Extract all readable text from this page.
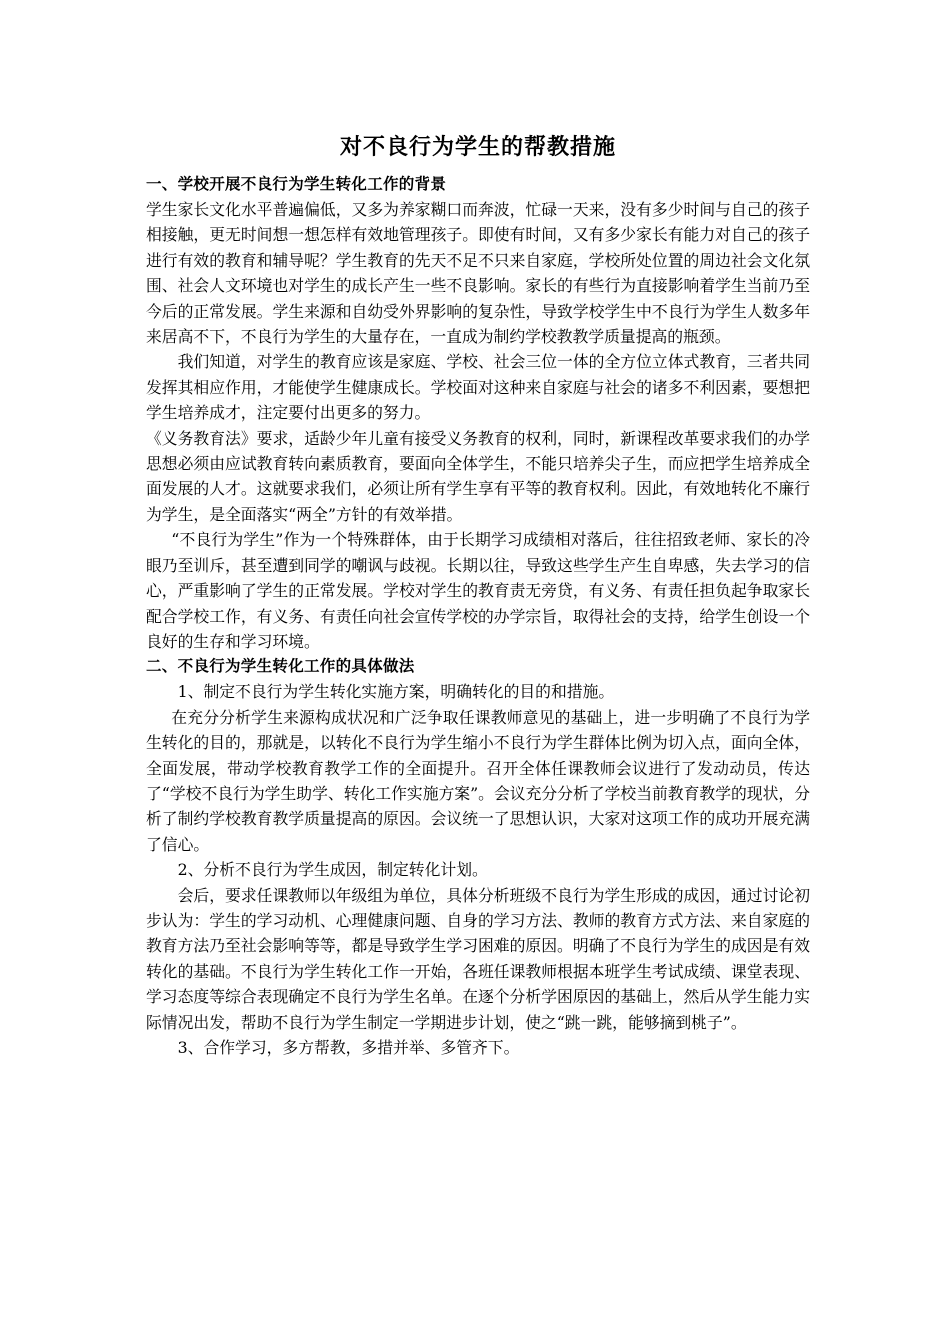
对不良行为学生的帮教措施
一、学校开展不良行为学生转化工作的背景

学生家长文化水平普遍偏低，又多为养家糊口而奔波，忙碌一天来，没有多少时间与自己的孩子相接触，更无时间想一想怎样有效地管理孩子。即使有时间，又有多少家长有能力对自己的孩子进行有效的教育和辅导呢？学生教育的先天不足不只来自家庭，学校所处位置的周边社会文化氛围、社会人文环境也对学生的成长产生一些不良影响。家长的有些行为直接影响着学生当前乃至今后的正常发展。学生来源和自幼受外界影响的复杂性，导致学校学生中不良行为学生人数多年来居高不下，不良行为学生的大量存在，一直成为制约学校教教学质量提高的瓶颈。

我们知道，对学生的教育应该是家庭、学校、社会三位一体的全方位立体式教育，三者共同发挥其相应作用，才能使学生健康成长。学校面对这种来自家庭与社会的诸多不利因素，要想把学生培养成才，注定要付出更多的努力。

《义务教育法》要求，适龄少年儿童有接受义务教育的权利，同时，新课程改革要求我们的办学思想必须由应试教育转向素质教育，要面向全体学生，不能只培养尖子生，而应把学生培养成全面发展的人才。这就要求我们，必须让所有学生享有平等的教育权利。因此，有效地转化不廉行为学生，是全面落实“两全”方针的有效举措。

“不良行为学生”作为一个特殊群体，由于长期学习成绩相对落后，往往招致老师、家长的冷眼乃至训斥，甚至遭到同学的嘲讽与歧视。长期以往，导致这些学生产生自卑感，失去学习的信心，严重影响了学生的正常发展。学校对学生的教育责无旁贷，有义务、有责任担负起争取家长配合学校工作，有义务、有责任向社会宣传学校的办学宗旨，取得社会的支持，给学生创设一个良好的生存和学习环境。

二、不良行为学生转化工作的具体做法

1、制定不良行为学生转化实施方案，明确转化的目的和措施。

在充分分析学生来源构成状况和广泛争取任课教师意见的基础上，进一步明确了不良行为学生转化的目的，那就是，以转化不良行为学生缩小不良行为学生群体比例为切入点，面向全体，全面发展，带动学校教育教学工作的全面提升。召开全体任课教师会议进行了发动动员，传达了“学校不良行为学生助学、转化工作实施方案”。会议充分分析了学校当前教育教学的现状，分析了制约学校教育教学质量提高的原因。会议统一了思想认识，大家对这项工作的成功开展充满了信心。

2、分析不良行为学生成因，制定转化计划。

会后，要求任课教师以年级组为单位，具体分析班级不良行为学生形成的成因，通过讨论初步认为：学生的学习动机、心理健康问题、自身的学习方法、教师的教育方式方法、来自家庭的教育方法乃至社会影响等等，都是导致学生学习困难的原因。明确了不良行为学生的成因是有效转化的基础。不良行为学生转化工作一开始，各班任课教师根据本班学生考试成绩、课堂表现、学习态度等综合表现确定不良行为学生名单。在逐个分析学困原因的基础上，然后从学生能力实际情况出发，帮助不良行为学生制定一学期进步计划，使之“跳一跳，能够摘到桃子”。

3、合作学习，多方帮教，多措并举、多管齐下。
